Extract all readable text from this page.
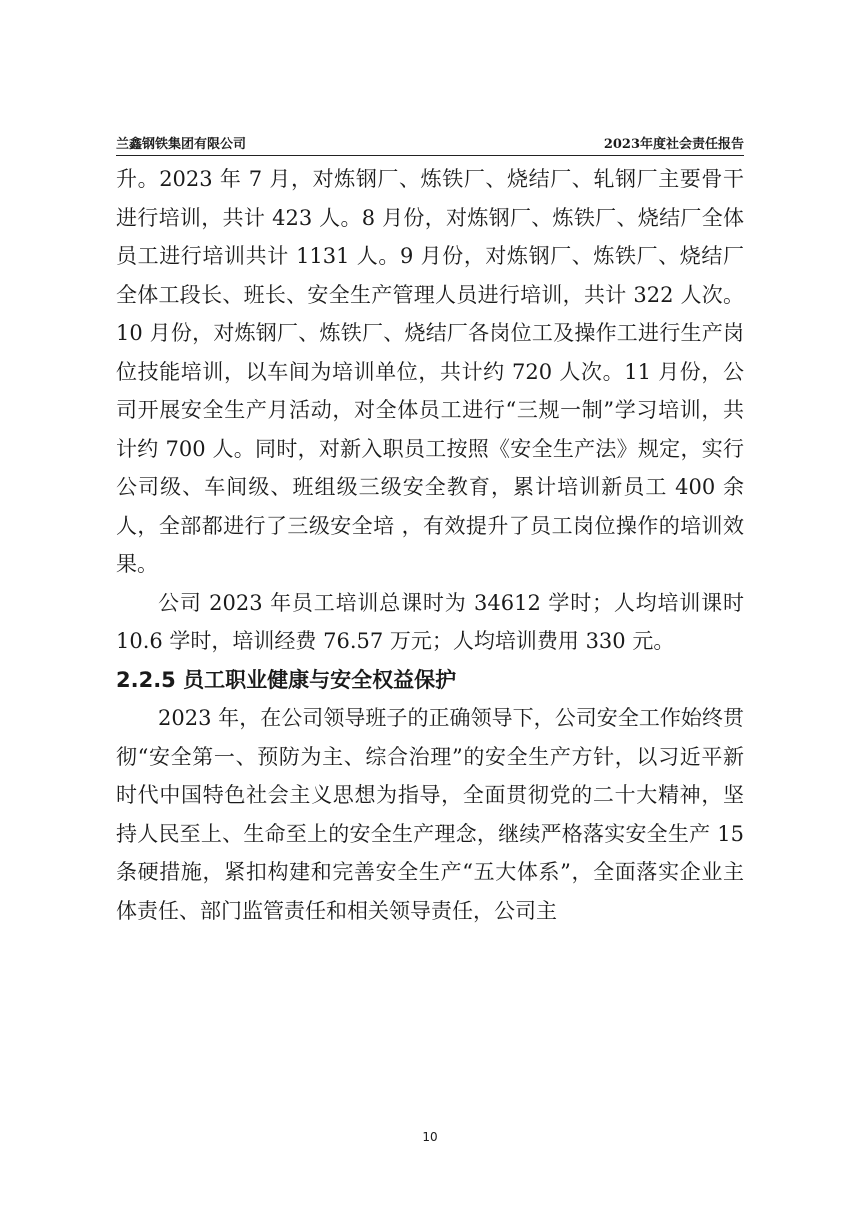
兰鑫钢铁集团有限公司	2023年度社会责任报告

升。2023 年 7 月，对炼钢厂、炼铁厂、烧结厂、轧钢厂主要骨干进行培训，共计 423 人。8 月份，对炼钢厂、炼铁厂、烧结厂全体员工进行培训共计 1131 人。9 月份，对炼钢厂、炼铁厂、烧结厂全体工段长、班长、安全生产管理人员进行培训，共计 322 人次。10 月份，对炼钢厂、炼铁厂、烧结厂各岗位工及操作工进行生产岗位技能培训，以车间为培训单位，共计约 720 人次。11 月份，公司开展安全生产月活动，对全体员工进行“三规一制”学习培训，共计约 700 人。同时，对新入职员工按照《安全生产法》规定，实行公司级、车间级、班组级三级安全教育，累计培训新员工 400 余人，全部都进行了三级安全培 ，有效提升了员工岗位操作的培训效果。

公司 2023 年员工培训总课时为 34612 学时；人均培训课时 10.6 学时，培训经费 76.57 万元；人均培训费用 330 元。

2.2.5 员工职业健康与安全权益保护

2023 年，在公司领导班子的正确领导下，公司安全工作始终贯彻“安全第一、预防为主、综合治理”的安全生产方针，以习近平新时代中国特色社会主义思想为指导，全面贯彻党的二十大精神，坚持人民至上、生命至上的安全生产理念，继续严格落实安全生产 15 条硬措施，紧扣构建和完善安全生产“五大体系”，全面落实企业主体责任、部门监管责任和相关领导责任，公司主

10
